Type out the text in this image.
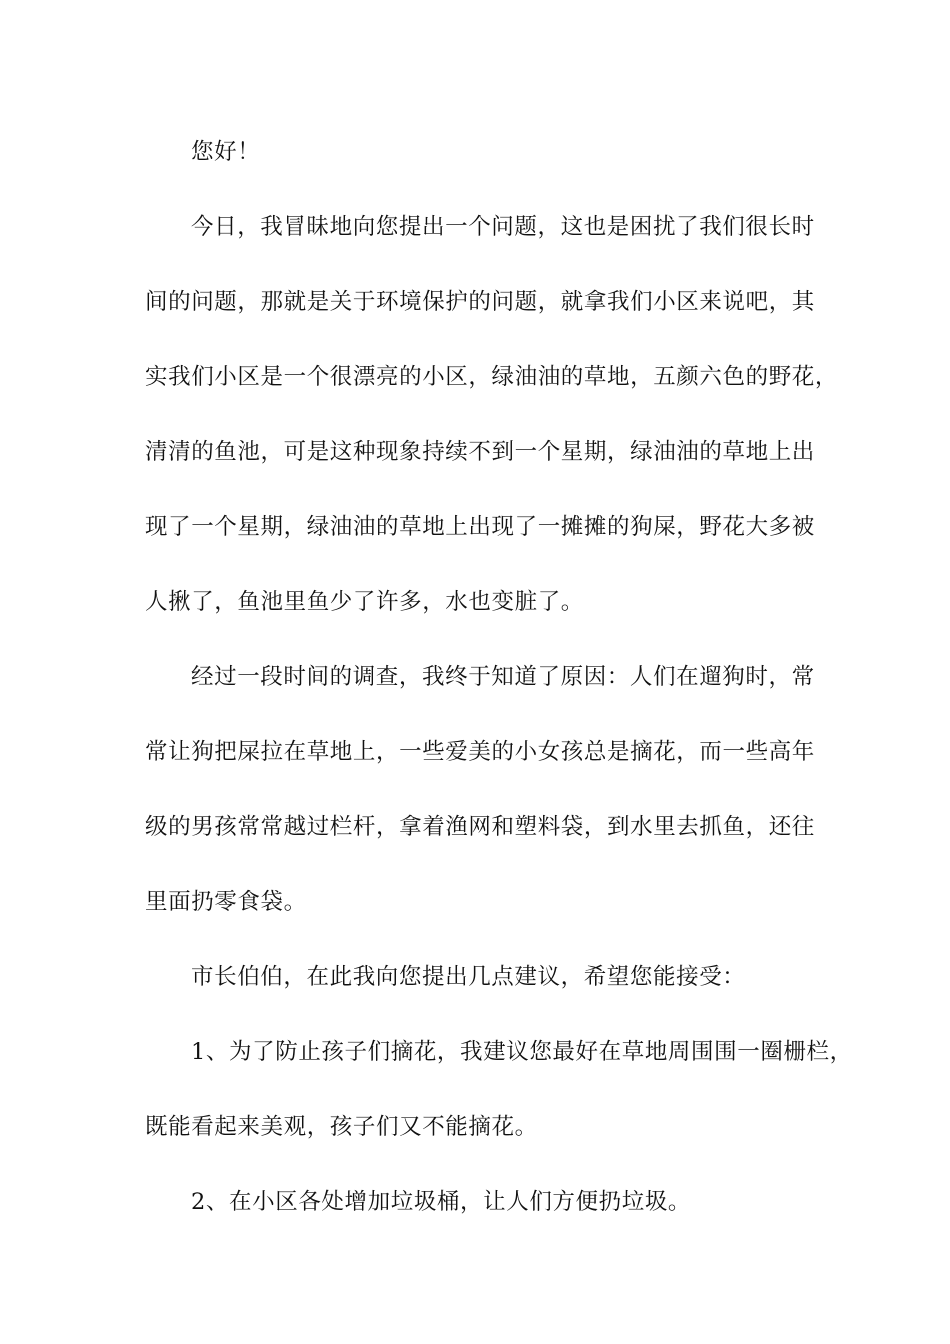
您好！

今日，我冒昧地向您提出一个问题，这也是困扰了我们很长时
间的问题，那就是关于环境保护的问题，就拿我们小区来说吧，其
实我们小区是一个很漂亮的小区，绿油油的草地，五颜六色的野花，
清清的鱼池，可是这种现象持续不到一个星期，绿油油的草地上出
现了一个星期，绿油油的草地上出现了一摊摊的狗屎，野花大多被
人揪了，鱼池里鱼少了许多，水也变脏了。

经过一段时间的调查，我终于知道了原因：人们在遛狗时，常
常让狗把屎拉在草地上，一些爱美的小女孩总是摘花，而一些高年
级的男孩常常越过栏杆，拿着渔网和塑料袋，到水里去抓鱼，还往
里面扔零食袋。

市长伯伯，在此我向您提出几点建议，希望您能接受：

1、为了防止孩子们摘花，我建议您最好在草地周围围一圈栅栏，
既能看起来美观，孩子们又不能摘花。

2、在小区各处增加垃圾桶，让人们方便扔垃圾。
